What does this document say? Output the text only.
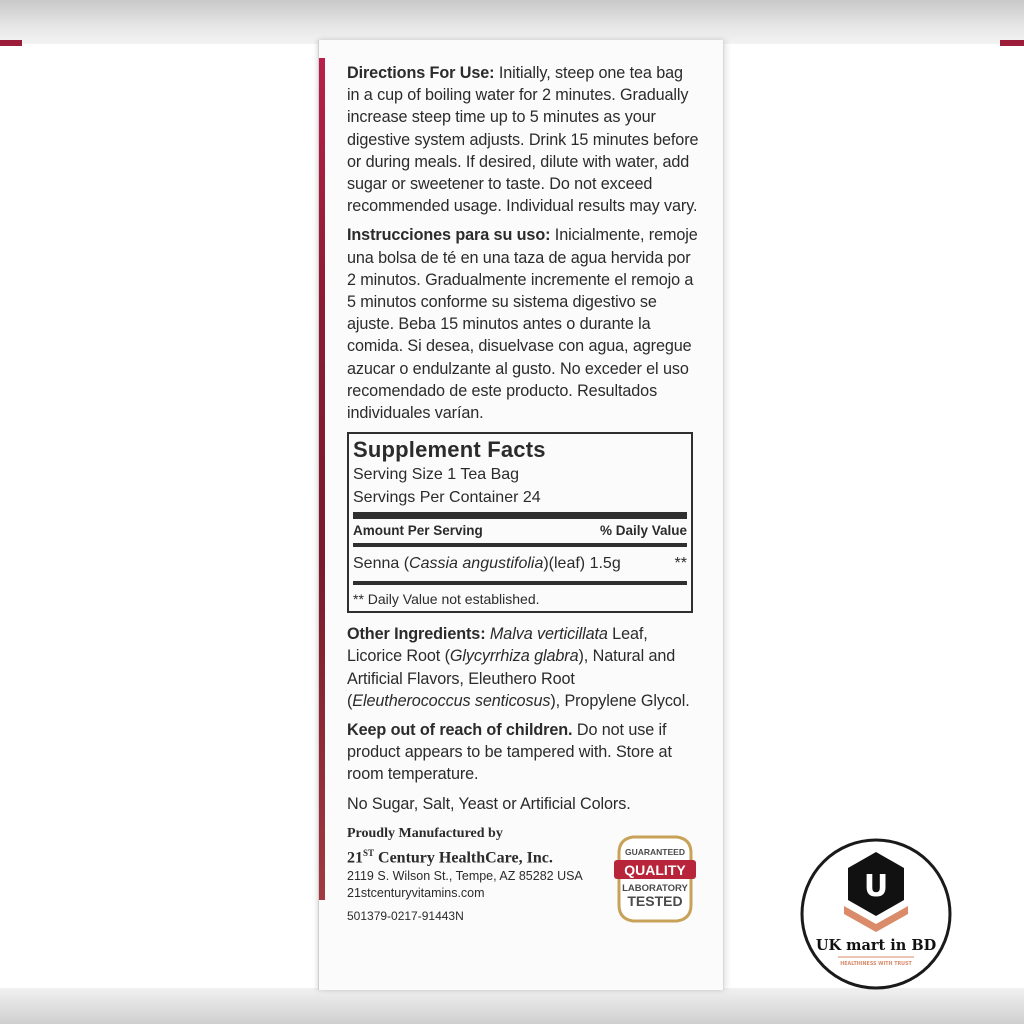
Directions For Use: Initially, steep one tea bag in a cup of boiling water for 2 minutes. Gradually increase steep time up to 5 minutes as your digestive system adjusts. Drink 15 minutes before or during meals. If desired, dilute with water, add sugar or sweetener to taste. Do not exceed recommended usage. Individual results may vary.

Instrucciones para su uso: Inicialmente, remoje una bolsa de té en una taza de agua hervida por 2 minutos. Gradualmente incremente el remojo a 5 minutos conforme su sistema digestivo se ajuste. Beba 15 minutos antes o durante la comida. Si desea, disuelvase con agua, agregue azucar o endulzante al gusto. No exceder el uso recomendado de este producto. Resultados individuales varían.

Supplement Facts
Serving Size 1 Tea Bag
Servings Per Container 24
Amount Per Serving	% Daily Value
Senna (Cassia angustifolia)(leaf) 1.5g	**
** Daily Value not established.

Other Ingredients: Malva verticillata Leaf, Licorice Root (Glycyrrhiza glabra), Natural and Artificial Flavors, Eleuthero Root (Eleutherococcus senticosus), Propylene Glycol.

Keep out of reach of children. Do not use if product appears to be tampered with. Store at room temperature.

No Sugar, Salt, Yeast or Artificial Colors.

Proudly Manufactured by
21ST Century HealthCare, Inc.
2119 S. Wilson St., Tempe, AZ 85282 USA
21stcenturyvitamins.com
501379-0217-91443N
GUARANTEED
QUALITY
LABORATORY
TESTED	U
UK mart in BD
HEALTHINESS WITH TRUST
